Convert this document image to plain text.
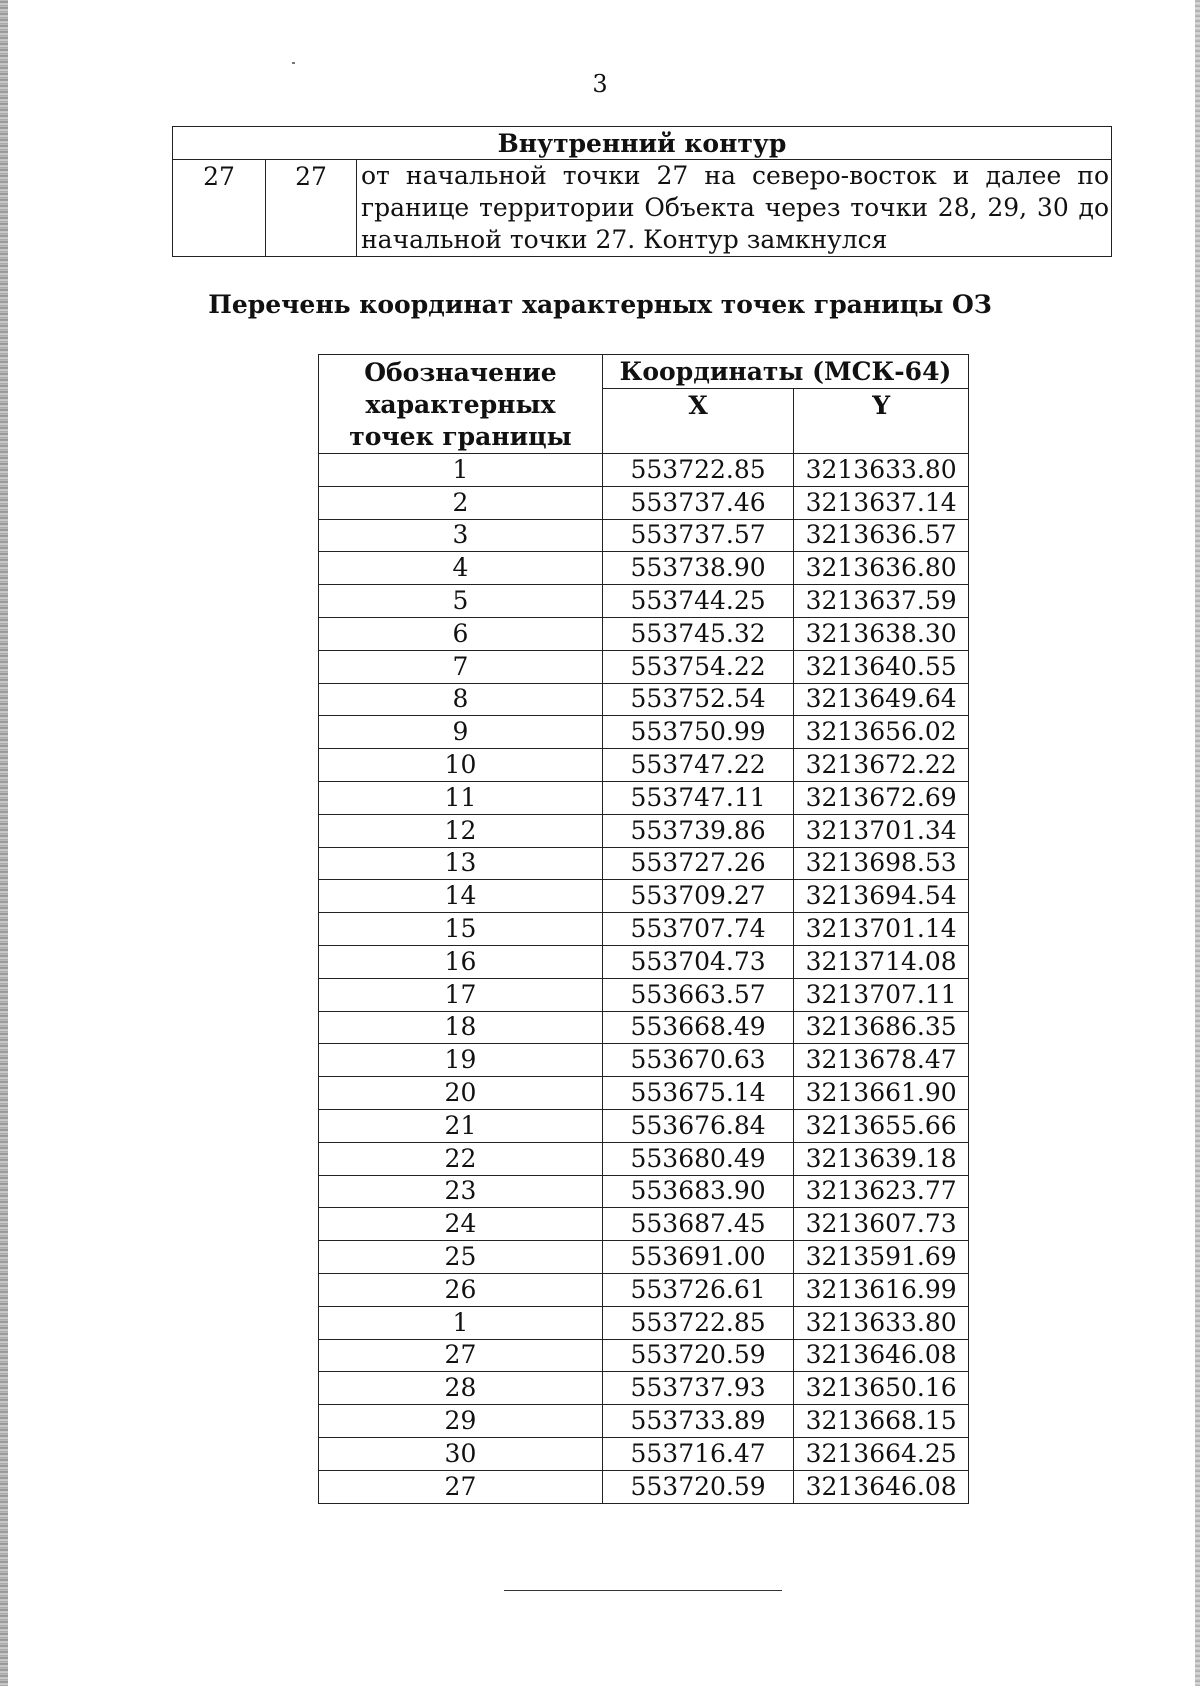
3
Внутренний контур
27	27	от начальной точки 27 на северо-восток и далее по границе территории Объекта через точки 28, 29, 30 до начальной точки 27. Контур замкнулся
Перечень координат характерных точек границы ОЗ
Обозначение характерных точек границы	Координаты (МСК-64)	
	X	Y
1	553722.85	3213633.80
2	553737.46	3213637.14
3	553737.57	3213636.57
4	553738.90	3213636.80
5	553744.25	3213637.59
6	553745.32	3213638.30
7	553754.22	3213640.55
8	553752.54	3213649.64
9	553750.99	3213656.02
10	553747.22	3213672.22
11	553747.11	3213672.69
12	553739.86	3213701.34
13	553727.26	3213698.53
14	553709.27	3213694.54
15	553707.74	3213701.14
16	553704.73	3213714.08
17	553663.57	3213707.11
18	553668.49	3213686.35
19	553670.63	3213678.47
20	553675.14	3213661.90
21	553676.84	3213655.66
22	553680.49	3213639.18
23	553683.90	3213623.77
24	553687.45	3213607.73
25	553691.00	3213591.69
26	553726.61	3213616.99
1	553722.85	3213633.80
27	553720.59	3213646.08
28	553737.93	3213650.16
29	553733.89	3213668.15
30	553716.47	3213664.25
27	553720.59	3213646.08
